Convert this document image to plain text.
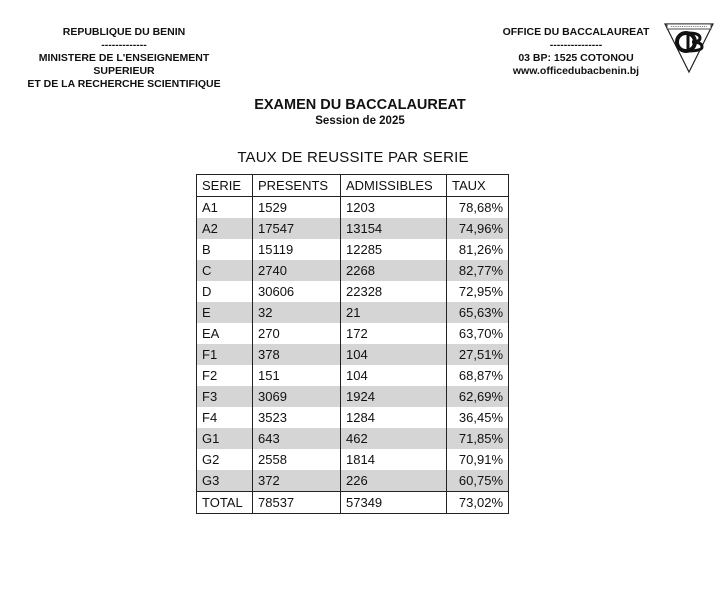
REPUBLIQUE DU BENIN
-------------
MINISTERE DE L'ENSEIGNEMENT
SUPERIEUR
ET DE LA RECHERCHE SCIENTIFIQUE
OFFICE DU BACCALAUREAT
---------------
03 BP: 1525 COTONOU
www.officedubacbenin.bj
EXAMEN DU BACCALAUREAT
Session de 2025
TAUX DE REUSSITE PAR SERIE
SERIE	PRESENTS	ADMISSIBLES	TAUX
A1	1529	1203	78,68%
A2	17547	13154	74,96%
B	15119	12285	81,26%
C	2740	2268	82,77%
D	30606	22328	72,95%
E	32	21	65,63%
EA	270	172	63,70%
F1	378	104	27,51%
F2	151	104	68,87%
F3	3069	1924	62,69%
F4	3523	1284	36,45%
G1	643	462	71,85%
G2	2558	1814	70,91%
G3	372	226	60,75%
TOTAL	78537	57349	73,02%
